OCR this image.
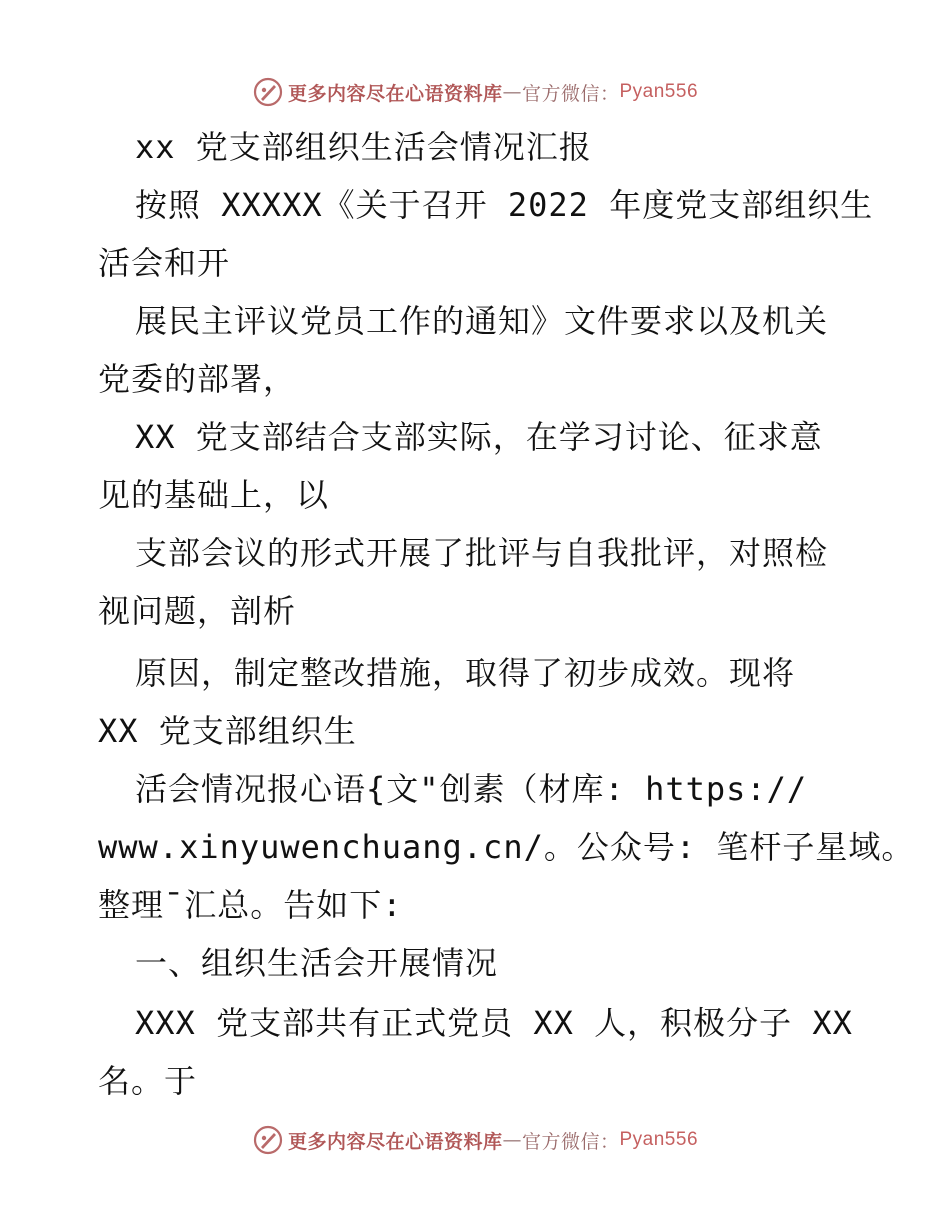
更多内容尽在心语资料库 — 官方微信： Pyan556
xx 党支部组织生活会情况汇报
按照 XXXXX《关于召开 2022 年度党支部组织生
活会和开
展民主评议党员工作的通知》文件要求以及机关
党委的部署，
XX 党支部结合支部实际，在学习讨论、征求意
见的基础上，以
支部会议的形式开展了批评与自我批评，对照检
视问题，剖析
原因，制定整改措施，取得了初步成效。现将
XX 党支部组织生
活会情况报心语{文"创素（材库: https://
www.xinyuwenchuang.cn/。公众号: 笔杆子星域。
整理¯汇总。告如下:
一、组织生活会开展情况
XXX 党支部共有正式党员 XX 人，积极分子 XX
名。于
更多内容尽在心语资料库 — 官方微信： Pyan556
